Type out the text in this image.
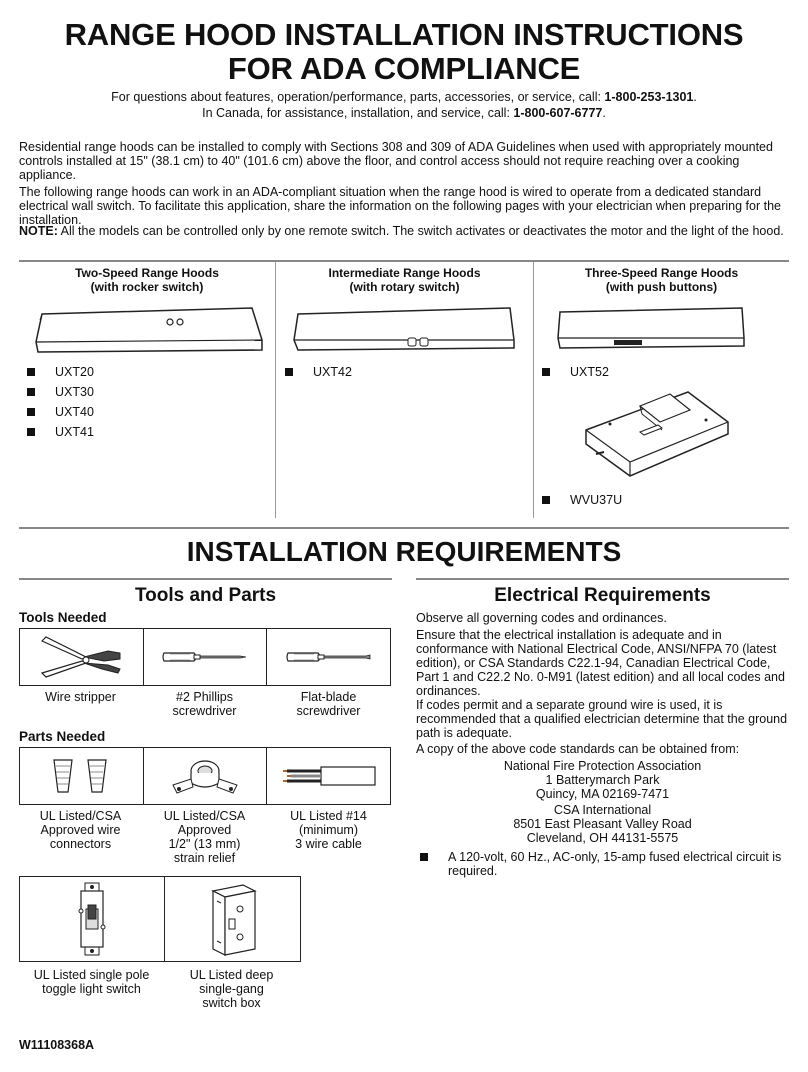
RANGE HOOD INSTALLATION INSTRUCTIONS
FOR ADA COMPLIANCE
For questions about features, operation/performance, parts, accessories, or service, call: 1-800-253-1301.
In Canada, for assistance, installation, and service, call: 1-800-607-6777.
Residential range hoods can be installed to comply with Sections 308 and 309 of ADA Guidelines when used with appropriately mounted controls installed at 15" (38.1 cm) to 40" (101.6 cm) above the floor, and control access should not require reaching over a cooking appliance.
The following range hoods can work in an ADA-compliant situation when the range hood is wired to operate from a dedicated standard electrical wall switch. To facilitate this application, share the information on the following pages with your electrician when preparing for the installation.
NOTE: All the models can be controlled only by one remote switch. The switch activates or deactivates the motor and the light of the hood.
Two-Speed Range Hoods
(with rocker switch)
Intermediate Range Hoods
(with rotary switch)
Three-Speed Range Hoods
(with push buttons)
UXT20
UXT30
UXT40
UXT41
UXT42	UXT52
WVU37U
INSTALLATION REQUIREMENTS
Tools and Parts
Tools Needed
Wire stripper	#2 Phillips screwdriver
Flat-blade screwdriver
Parts Needed
UL Listed/CSA
Approved wire
connectors
UL Listed/CSA
Approved
1/2" (13 mm)
strain relief
UL Listed #14
(minimum)
3 wire cable
UL Listed single pole
toggle light switch
UL Listed deep
single-gang
switch box
Electrical Requirements
Observe all governing codes and ordinances.
Ensure that the electrical installation is adequate and in conformance with National Electrical Code, ANSI/NFPA 70 (latest edition), or CSA Standards C22.1-94, Canadian Electrical Code, Part 1 and C22.2 No. 0-M91 (latest edition) and all local codes and ordinances.
If codes permit and a separate ground wire is used, it is recommended that a qualified electrician determine that the ground path is adequate.
A copy of the above code standards can be obtained from:
National Fire Protection Association
1 Batterymarch Park
Quincy, MA 02169-7471
CSA International
8501 East Pleasant Valley Road
Cleveland, OH 44131-5575
A 120-volt, 60 Hz., AC-only, 15-amp fused electrical circuit is required.
W11108368A
